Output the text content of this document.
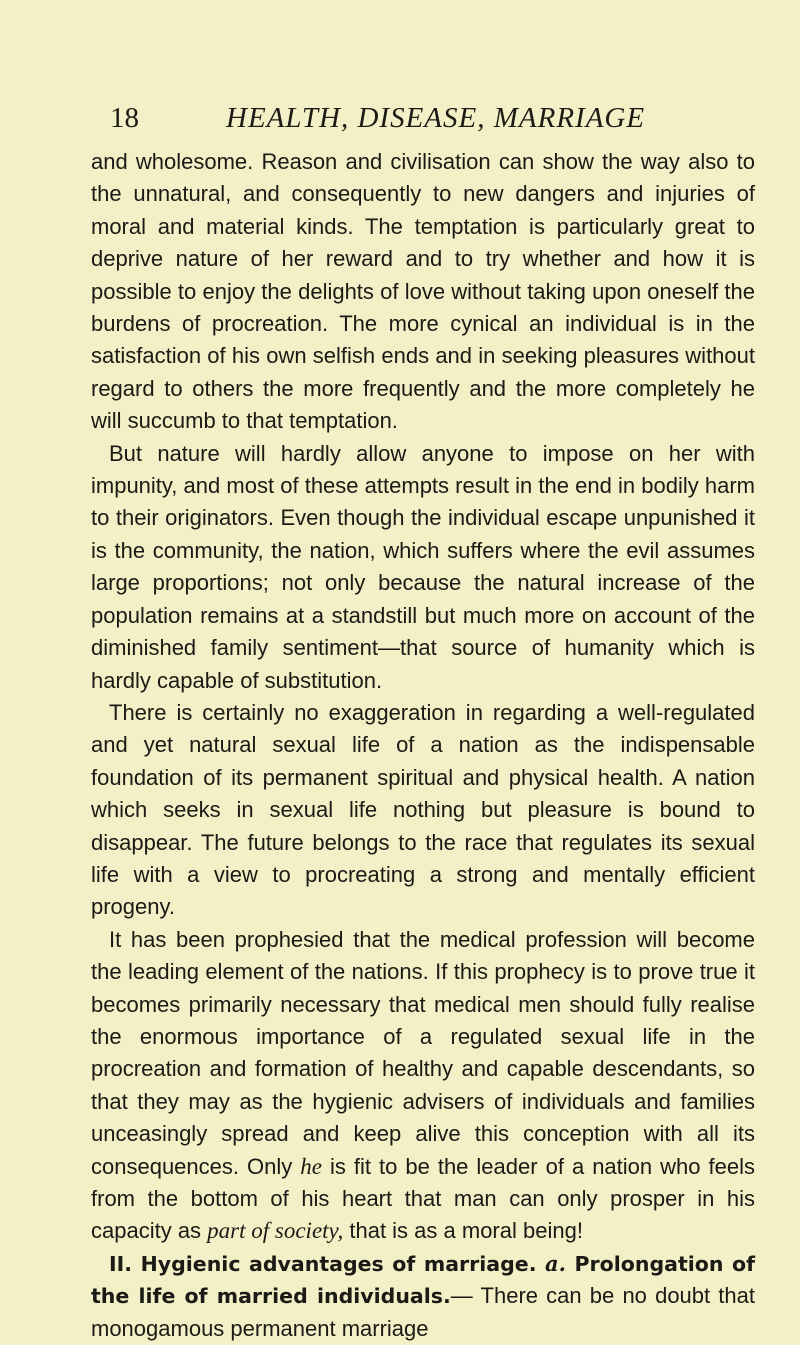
18	HEALTH, DISEASE, MARRIAGE

and wholesome. Reason and civilisation can show the way also to the unnatural, and consequently to new dangers and injuries of moral and material kinds. The temptation is particularly great to deprive nature of her reward and to try whether and how it is possible to enjoy the delights of love without taking upon oneself the burdens of procreation. The more cynical an individual is in the satisfaction of his own selfish ends and in seeking pleasures without regard to others the more frequently and the more completely he will succumb to that temptation.

But nature will hardly allow anyone to impose on her with impunity, and most of these attempts result in the end in bodily harm to their originators. Even though the individual escape unpunished it is the community, the nation, which suffers where the evil assumes large proportions; not only because the natural increase of the population remains at a standstill but much more on account of the diminished family sentiment—that source of humanity which is hardly capable of substitution.

There is certainly no exaggeration in regarding a well-regulated and yet natural sexual life of a nation as the indispensable foundation of its permanent spiritual and physical health. A nation which seeks in sexual life nothing but pleasure is bound to disappear. The future belongs to the race that regulates its sexual life with a view to procreating a strong and mentally efficient progeny.

It has been prophesied that the medical profession will become the leading element of the nations. If this prophecy is to prove true it becomes primarily necessary that medical men should fully realise the enormous importance of a regulated sexual life in the procreation and formation of healthy and capable descendants, so that they may as the hygienic advisers of individuals and families unceasingly spread and keep alive this conception with all its consequences. Only he is fit to be the leader of a nation who feels from the bottom of his heart that man can only prosper in his capacity as part of society, that is as a moral being!

II. Hygienic advantages of marriage. a. Prolongation of the life of married individuals.— There can be no doubt that monogamous permanent marriage
